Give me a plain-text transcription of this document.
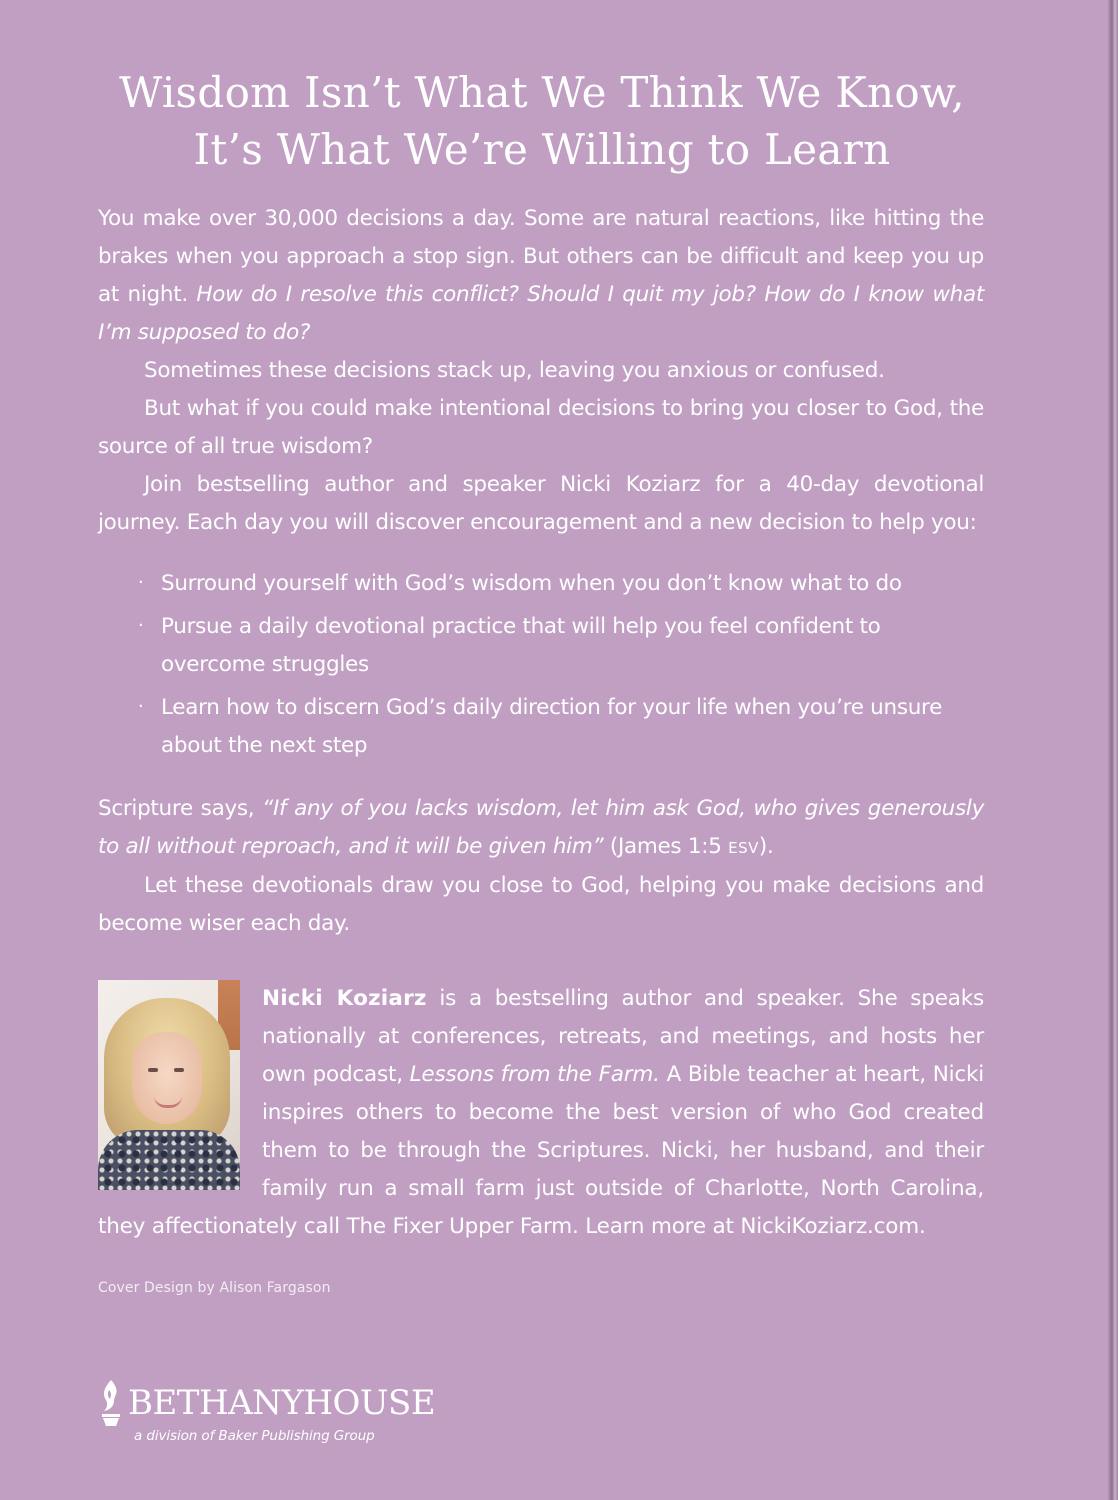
Wisdom Isn’t What We Think We Know,
It’s What We’re Willing to Learn

You make over 30,000 decisions a day. Some are natural reactions, like hitting the brakes when you approach a stop sign. But others can be difficult and keep you up at night. How do I resolve this conflict? Should I quit my job? How do I know what I’m supposed to do?

Sometimes these decisions stack up, leaving you anxious or confused.

But what if you could make intentional decisions to bring you closer to God, the source of all true wisdom?

Join bestselling author and speaker Nicki Koziarz for a 40-day devotional journey. Each day you will discover encouragement and a new decision to help you:

· Surround yourself with God’s wisdom when you don’t know what to do
· Pursue a daily devotional practice that will help you feel confident to overcome struggles
· Learn how to discern God’s daily direction for your life when you’re unsure about the next step

Scripture says, “If any of you lacks wisdom, let him ask God, who gives generously to all without reproach, and it will be given him” (James 1:5 ESV).

Let these devotionals draw you close to God, helping you make decisions and become wiser each day.

Nicki Koziarz is a bestselling author and speaker. She speaks nationally at conferences, retreats, and meetings, and hosts her own podcast, Lessons from the Farm. A Bible teacher at heart, Nicki inspires others to become the best version of who God created them to be through the Scriptures. Nicki, her husband, and their family run a small farm just outside of Charlotte, North Carolina, they affectionately call The Fixer Upper Farm. Learn more at NickiKoziarz.com.

Cover Design by Alison Fargason
BETHANYHOUSE
a division of Baker Publishing Group
